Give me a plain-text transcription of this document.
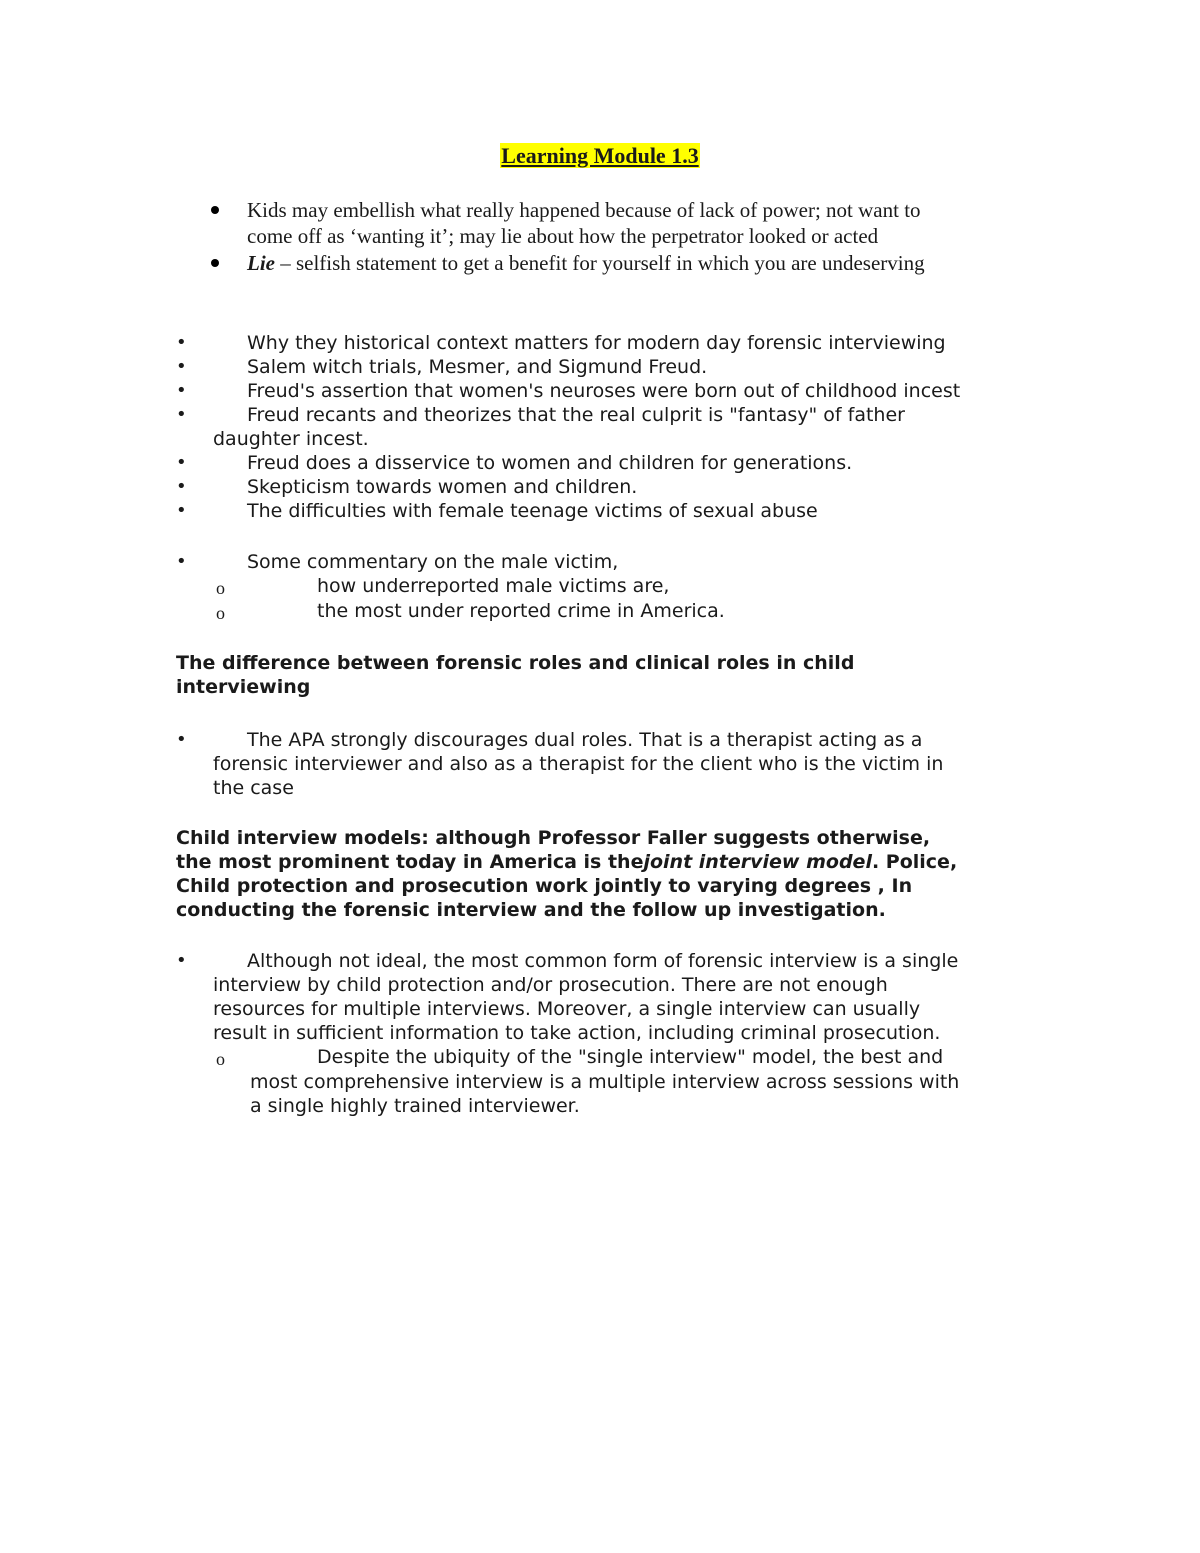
Learning Module 1.3
Kids may embellish what really happened because of lack of power; not want to
come off as ‘wanting it’; may lie about how the perpetrator looked or acted
Lie – selfish statement to get a benefit for yourself in which you are undeserving
•	Why they historical context matters for modern day forensic interviewing
•	Salem witch trials, Mesmer, and Sigmund Freud.
•	Freud's assertion that women's neuroses were born out of childhood incest
•	Freud recants and theorizes that the real culprit is "fantasy" of father
daughter incest.
•	Freud does a disservice to women and children for generations.
•	Skepticism towards women and children.
•	The difficulties with female teenage victims of sexual abuse
•	Some commentary on the male victim,
o	how underreported male victims are,
o	the most under reported crime in America.
The difference between forensic roles and clinical roles in child
interviewing
•	The APA strongly discourages dual roles. That is a therapist acting as a
forensic interviewer and also as a therapist for the client who is the victim in
the case
Child interview models: although Professor Faller suggests otherwise,
the most prominent today in America is thejoint interview model. Police,
Child protection and prosecution work jointly to varying degrees , In
conducting the forensic interview and the follow up investigation.
•	Although not ideal, the most common form of forensic interview is a single
interview by child protection and/or prosecution. There are not enough
resources for multiple interviews. Moreover, a single interview can usually
result in sufficient information to take action, including criminal prosecution.
o	Despite the ubiquity of the "single interview" model, the best and
most comprehensive interview is a multiple interview across sessions with
a single highly trained interviewer.
